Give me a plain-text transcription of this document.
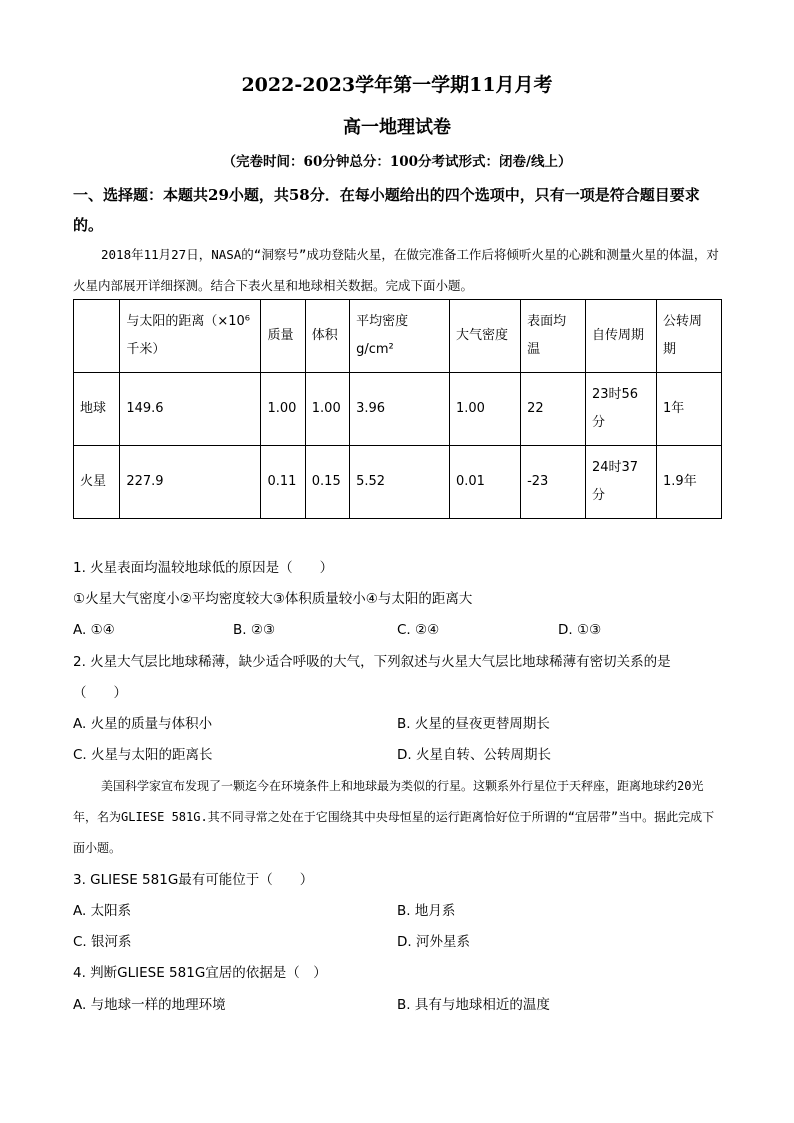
2022-2023学年第一学期11月月考
高一地理试卷
（完卷时间：60分钟总分：100分考试形式：闭卷/线上）
一、选择题：本题共29小题，共58分．在每小题给出的四个选项中，只有一项是符合题目要求的。
2018年11月27日，NASA的“洞察号”成功登陆火星，在做完准备工作后将倾听火星的心跳和测量火星的体温，对火星内部展开详细探测。结合下表火星和地球相关数据。完成下面小题。
	与太阳的距离（×10⁶千米）	质量	体积	平均密度g/cm²	大气密度	表面均温	自传周期	公转周期
地球	149.6	1.00	1.00	3.96	1.00	22	23时56分	1年
火星	227.9	0.11	0.15	5.52	0.01	-23	24时37分	1.9年
1. 火星表面均温较地球低的原因是（　　）
①火星大气密度小②平均密度较大③体积质量较小④与太阳的距离大
A. ①④	B. ②③	C. ②④	D. ①③
2. 火星大气层比地球稀薄，缺少适合呼吸的大气，下列叙述与火星大气层比地球稀薄有密切关系的是
（　　）
A. 火星的质量与体积小	B. 火星的昼夜更替周期长
C. 火星与太阳的距离长	D. 火星自转、公转周期长
美国科学家宣布发现了一颗迄今在环境条件上和地球最为类似的行星。这颗系外行星位于天秤座，距离地球约20光年，名为GLIESE 581G.其不同寻常之处在于它围绕其中央母恒星的运行距离恰好位于所谓的“宜居带”当中。据此完成下面小题。
3. GLIESE 581G最有可能位于（　　）
A. 太阳系	B. 地月系
C. 银河系	D. 河外星系
4. 判断GLIESE 581G宜居的依据是（　）
A. 与地球一样的地理环境	B. 具有与地球相近的温度
